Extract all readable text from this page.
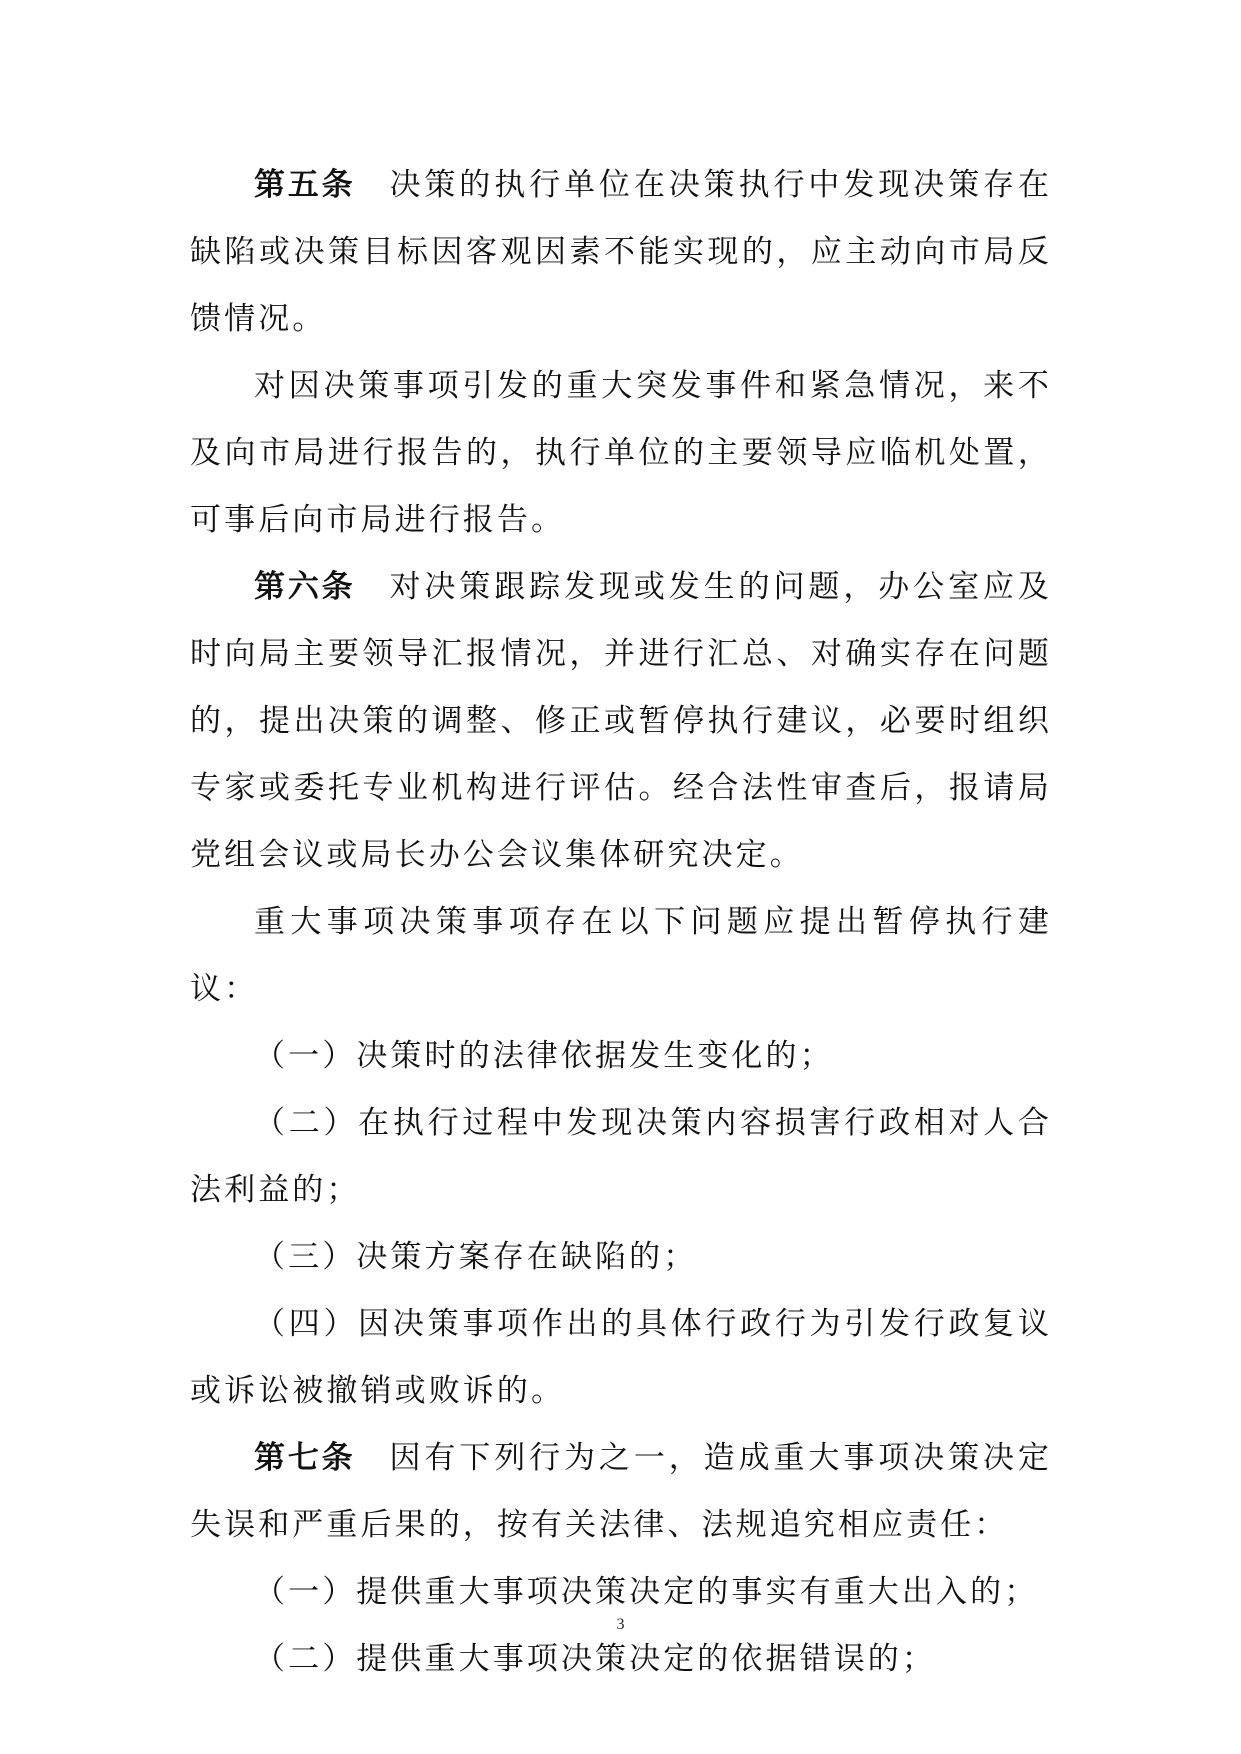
第五条 决策的执行单位在决策执行中发现决策存在缺陷或决策目标因客观因素不能实现的，应主动向市局反馈情况。

对因决策事项引发的重大突发事件和紧急情况，来不及向市局进行报告的，执行单位的主要领导应临机处置，可事后向市局进行报告。

第六条 对决策跟踪发现或发生的问题，办公室应及时向局主要领导汇报情况，并进行汇总、对确实存在问题的，提出决策的调整、修正或暂停执行建议，必要时组织专家或委托专业机构进行评估。经合法性审查后，报请局党组会议或局长办公会议集体研究决定。

重大事项决策事项存在以下问题应提出暂停执行建议：

（一）决策时的法律依据发生变化的；

（二）在执行过程中发现决策内容损害行政相对人合法利益的；

（三）决策方案存在缺陷的；

（四）因决策事项作出的具体行政行为引发行政复议或诉讼被撤销或败诉的。

第七条 因有下列行为之一，造成重大事项决策决定失误和严重后果的，按有关法律、法规追究相应责任：

（一）提供重大事项决策决定的事实有重大出入的；

（二）提供重大事项决策决定的依据错误的；

3
